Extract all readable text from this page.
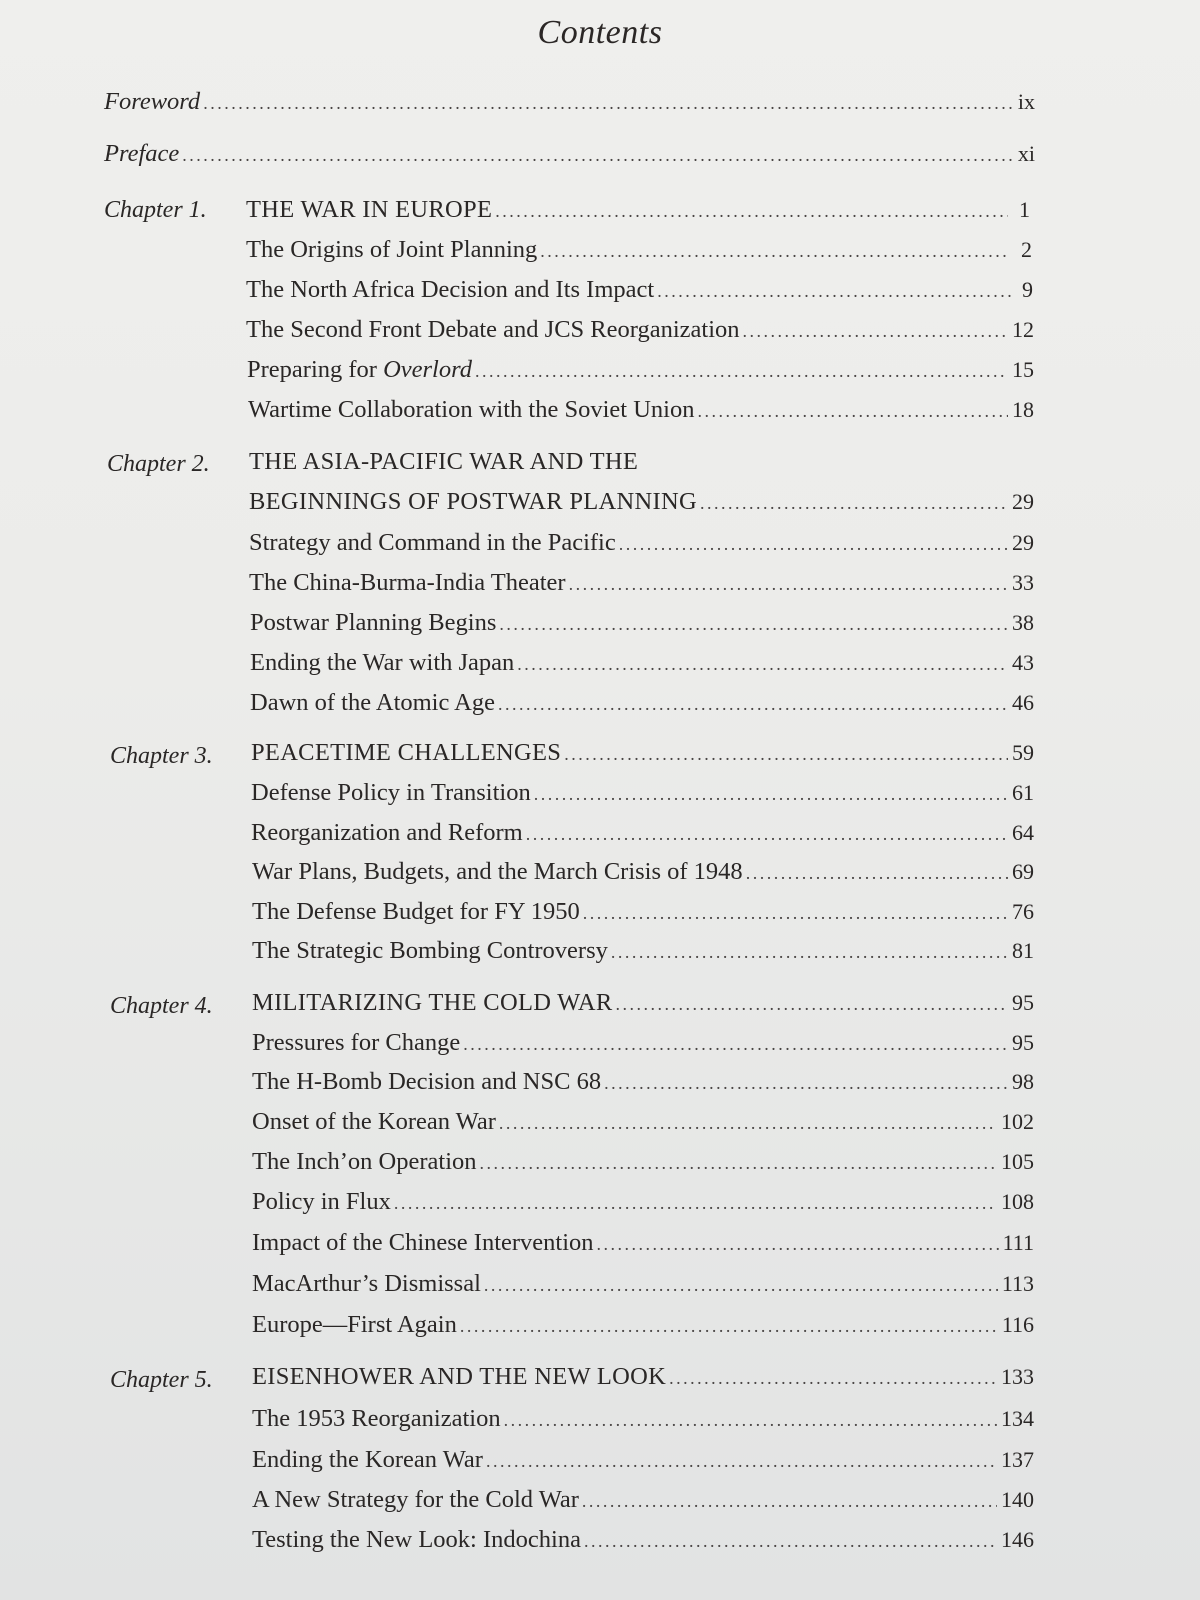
Contents
Foreword . . .	ix
Preface . . .	xi
Chapter 1. THE WAR IN EUROPE . . .	1
The Origins of Joint Planning . . .	2
The North Africa Decision and Its Impact . . .	9
The Second Front Debate and JCS Reorganization . . .	12
Preparing for Overlord . . .	15
Wartime Collaboration with the Soviet Union . . .	18
Chapter 2. THE ASIA-PACIFIC WAR AND THE
BEGINNINGS OF POSTWAR PLANNING . . .	29
Strategy and Command in the Pacific . . .	29
The China-Burma-India Theater . . .	33
Postwar Planning Begins . . .	38
Ending the War with Japan . . .	43
Dawn of the Atomic Age . . .	46
Chapter 3. PEACETIME CHALLENGES . . .	59
Defense Policy in Transition . . .	61
Reorganization and Reform . . .	64
War Plans, Budgets, and the March Crisis of 1948 . . .	69
The Defense Budget for FY 1950 . . .	76
The Strategic Bombing Controversy . . .	81
Chapter 4. MILITARIZING THE COLD WAR . . .	95
Pressures for Change . . .	95
The H-Bomb Decision and NSC 68 . . .	98
Onset of the Korean War . . .	102
The Inch’on Operation . . .	105
Policy in Flux . . .	108
Impact of the Chinese Intervention . . .	111
MacArthur’s Dismissal . . .	113
Europe—First Again . . .	116
Chapter 5. EISENHOWER AND THE NEW LOOK . . .	133
The 1953 Reorganization . . .	134
Ending the Korean War . . .	137
A New Strategy for the Cold War . . .	140
Testing the New Look: Indochina . . .	146
